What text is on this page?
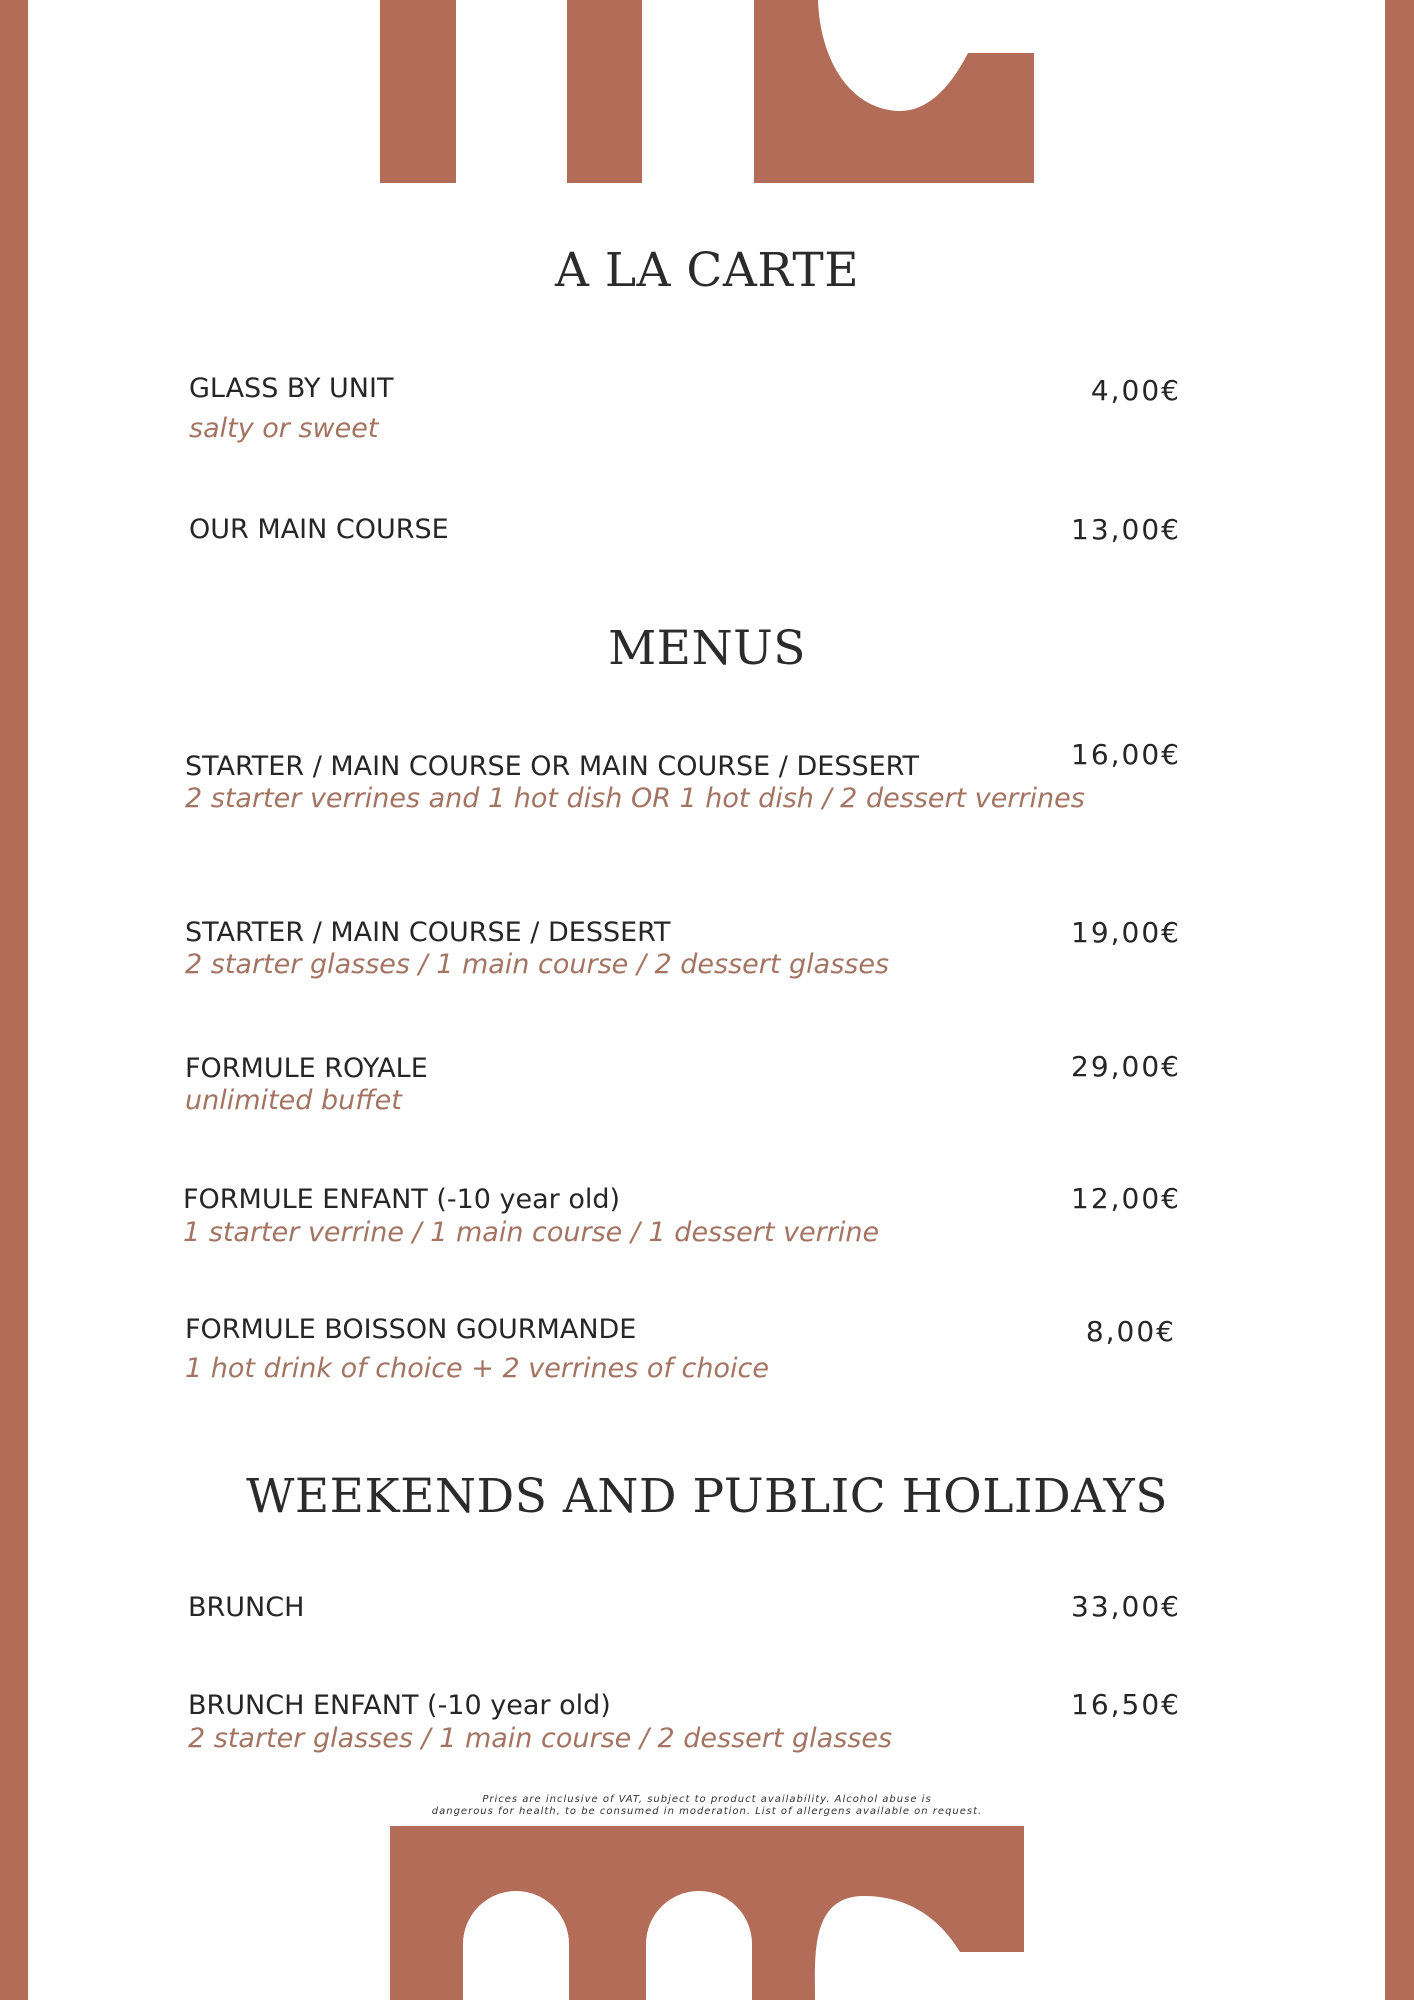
A LA CARTE
MENUS
WEEKENDS AND PUBLIC HOLIDAYS
GLASS BY UNIT
salty or sweet
4,00€
OUR MAIN COURSE	13,00€
STARTER / MAIN COURSE OR MAIN COURSE / DESSERT
2 starter verrines and 1 hot dish OR 1 hot dish / 2 dessert verrines
16,00€
STARTER / MAIN COURSE / DESSERT
2 starter glasses / 1 main course / 2 dessert glasses
19,00€
FORMULE ROYALE
unlimited buffet
29,00€
FORMULE ENFANT (-10 year old)
1 starter verrine / 1 main course / 1 dessert verrine
12,00€
FORMULE BOISSON GOURMANDE
1 hot drink of choice + 2 verrines of choice
8,00€
BRUNCH	33,00€
BRUNCH ENFANT (-10 year old)
2 starter glasses / 1 main course / 2 dessert glasses
16,50€
Prices are inclusive of VAT, subject to product availability. Alcohol abuse is
dangerous for health, to be consumed in moderation. List of allergens available on request.
